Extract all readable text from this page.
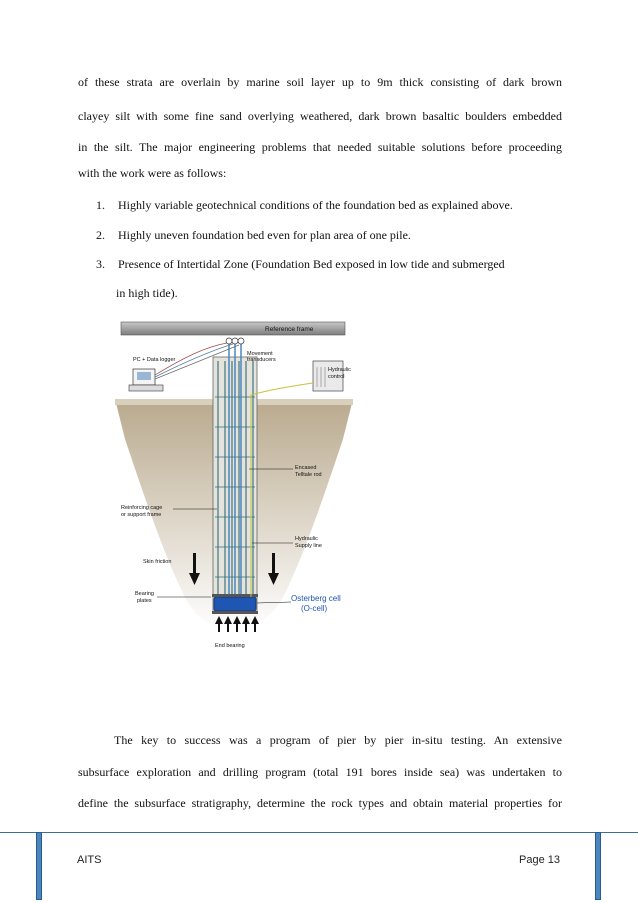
of these strata are overlain by marine soil layer up to 9m thick consisting of dark brown
clayey silt with some fine sand overlying weathered, dark brown basaltic boulders embedded
in the silt. The major engineering problems that needed suitable solutions before proceeding
with the work were as follows:
1. Highly variable geotechnical conditions of the foundation bed as explained above.
2. Highly uneven foundation bed even for plan area of one pile.
3. Presence of Intertidal Zone (Foundation Bed exposed in low tide and submerged
in high tide).
Reference frame
PC + Data logger
Hydraulic
control
Movement
transducers
Encased
Telltale rod
Reinforcing cage
or support frame
Hydraulic
Supply line
Skin friction
Bearing
plates	Osterberg cell
(O-cell)
End bearing
The key to success was a program of pier by pier in-situ testing. An extensive
subsurface exploration and drilling program (total 191 bores inside sea) was undertaken to
define the subsurface stratigraphy, determine the rock types and obtain material properties for
AITS	Page 13
